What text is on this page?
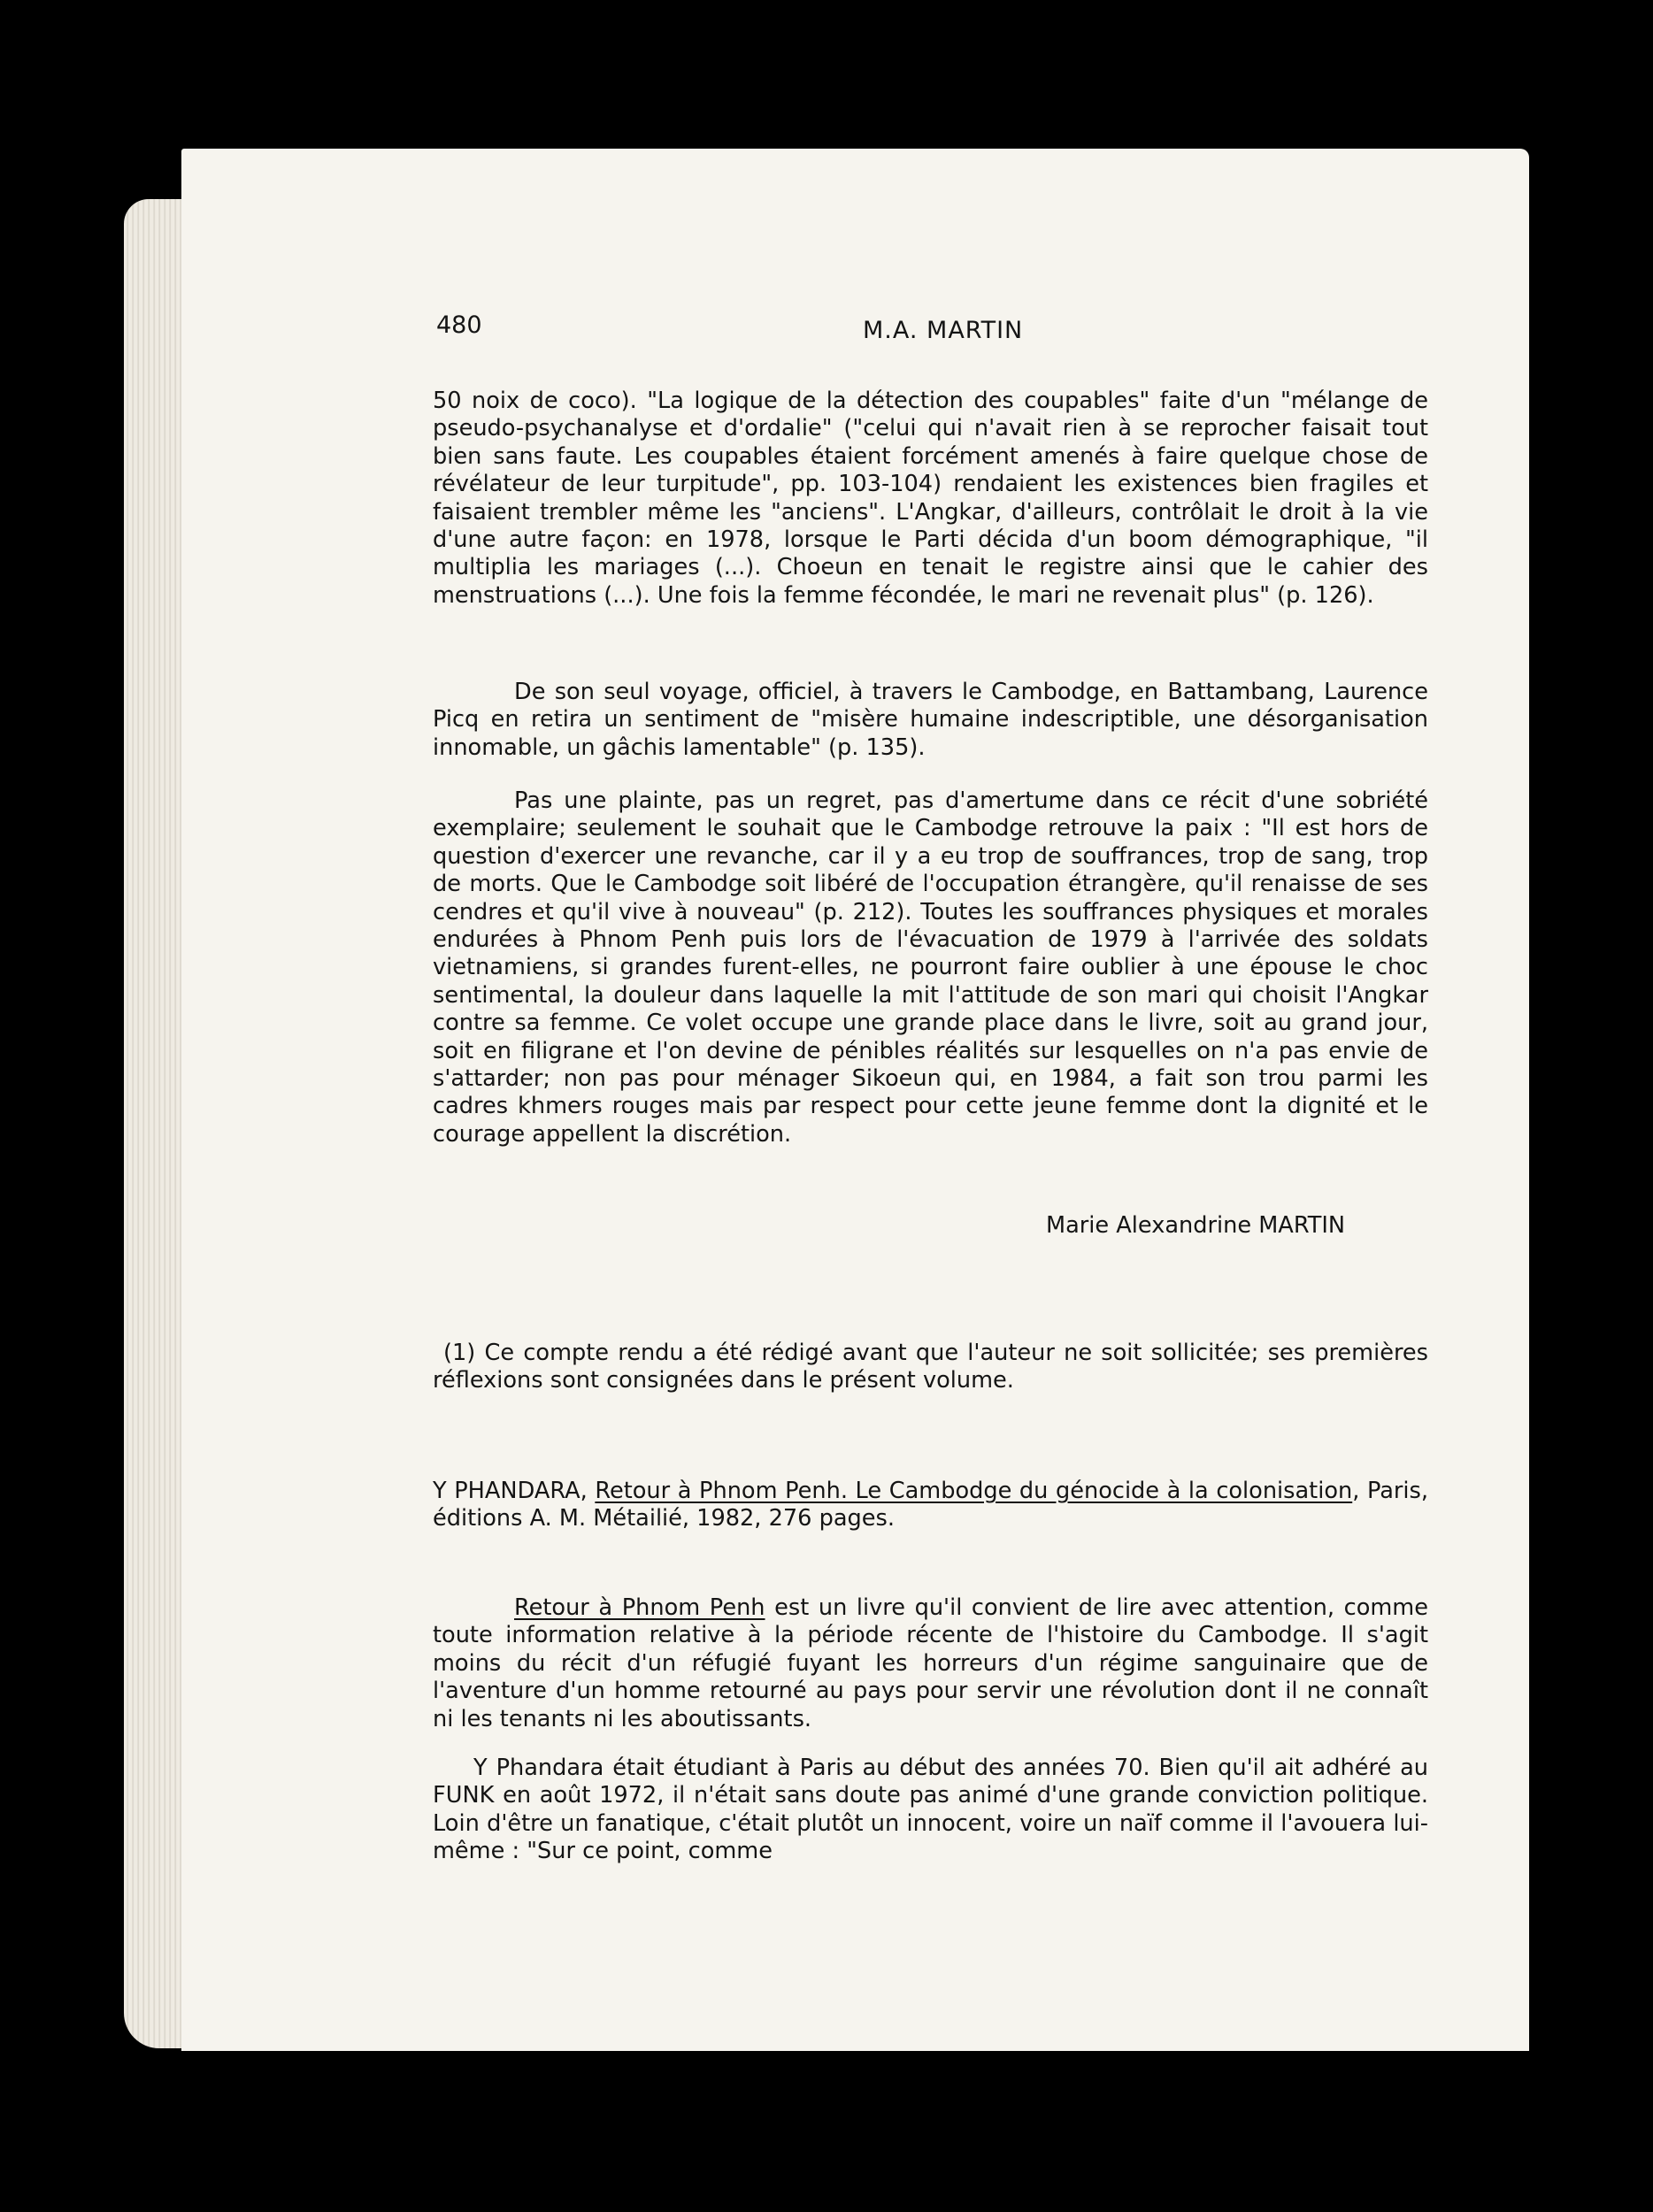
480	M.A. MARTIN
50 noix de coco). "La logique de la détection des coupables" faite d'un "mélange de pseudo-psychanalyse et d'ordalie" ("celui qui n'avait rien à se reprocher faisait tout bien sans faute. Les coupables étaient forcément amenés à faire quelque chose de révélateur de leur turpitude", pp. 103-104) rendaient les existences bien fragiles et faisaient trembler même les "anciens". L'Angkar, d'ailleurs, contrôlait le droit à la vie d'une autre façon: en 1978, lorsque le Parti décida d'un boom démographique, "il multiplia les mariages (...). Choeun en tenait le registre ainsi que le cahier des menstruations (...). Une fois la femme fécondée, le mari ne revenait plus" (p. 126).
De son seul voyage, officiel, à travers le Cambodge, en Battambang, Laurence Picq en retira un sentiment de "misère humaine indescriptible, une désorganisation innomable, un gâchis lamentable" (p. 135).
Pas une plainte, pas un regret, pas d'amertume dans ce récit d'une sobriété exemplaire; seulement le souhait que le Cambodge retrouve la paix : "Il est hors de question d'exercer une revanche, car il y a eu trop de souffrances, trop de sang, trop de morts. Que le Cambodge soit libéré de l'occupation étrangère, qu'il renaisse de ses cendres et qu'il vive à nouveau" (p. 212). Toutes les souffrances physiques et morales endurées à Phnom Penh puis lors de l'évacuation de 1979 à l'arrivée des soldats vietnamiens, si grandes furent-elles, ne pourront faire oublier à une épouse le choc sentimental, la douleur dans laquelle la mit l'attitude de son mari qui choisit l'Angkar contre sa femme. Ce volet occupe une grande place dans le livre, soit au grand jour, soit en filigrane et l'on devine de pénibles réalités sur lesquelles on n'a pas envie de s'attarder; non pas pour ménager Sikoeun qui, en 1984, a fait son trou parmi les cadres khmers rouges mais par respect pour cette jeune femme dont la dignité et le courage appellent la discrétion.
Marie Alexandrine MARTIN
(1) Ce compte rendu a été rédigé avant que l'auteur ne soit sollicitée; ses premières réflexions sont consignées dans le présent volume.
Y PHANDARA, Retour à Phnom Penh. Le Cambodge du génocide à la colonisation, Paris, éditions A. M. Métailié, 1982, 276 pages.
Retour à Phnom Penh est un livre qu'il convient de lire avec attention, comme toute information relative à la période récente de l'histoire du Cambodge. Il s'agit moins du récit d'un réfugié fuyant les horreurs d'un régime sanguinaire que de l'aventure d'un homme retourné au pays pour servir une révolution dont il ne connaît ni les tenants ni les aboutissants.
Y Phandara était étudiant à Paris au début des années 70. Bien qu'il ait adhéré au FUNK en août 1972, il n'était sans doute pas animé d'une grande conviction politique. Loin d'être un fanatique, c'était plutôt un innocent, voire un naïf comme il l'avouera lui-même : "Sur ce point, comme
